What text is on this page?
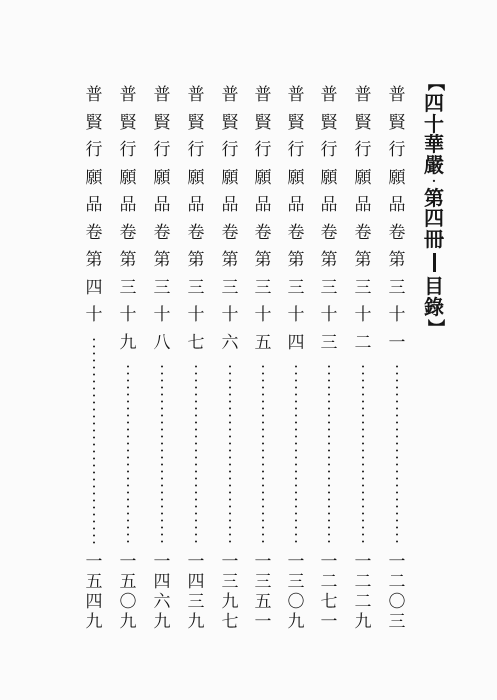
【
四
十
華
嚴
·
第
四
冊
目
錄
】
普
賢
行
願
品
卷
第
三
十
一
一
二
〇
三
普
賢
行
願
品
卷
第
三
十
二
一
二
二
九
普
賢
行
願
品
卷
第
三
十
三
一
二
七
一
普
賢
行
願
品
卷
第
三
十
四
一
三
〇
九
普
賢
行
願
品
卷
第
三
十
五
一
三
五
一
普
賢
行
願
品
卷
第
三
十
六
一
三
九
七
普
賢
行
願
品
卷
第
三
十
七
一
四
三
九
普
賢
行
願
品
卷
第
三
十
八
一
四
六
九
普
賢
行
願
品
卷
第
三
十
九
一
五
〇
九
普
賢
行
願
品
卷
第
四
十
一
五
四
九
